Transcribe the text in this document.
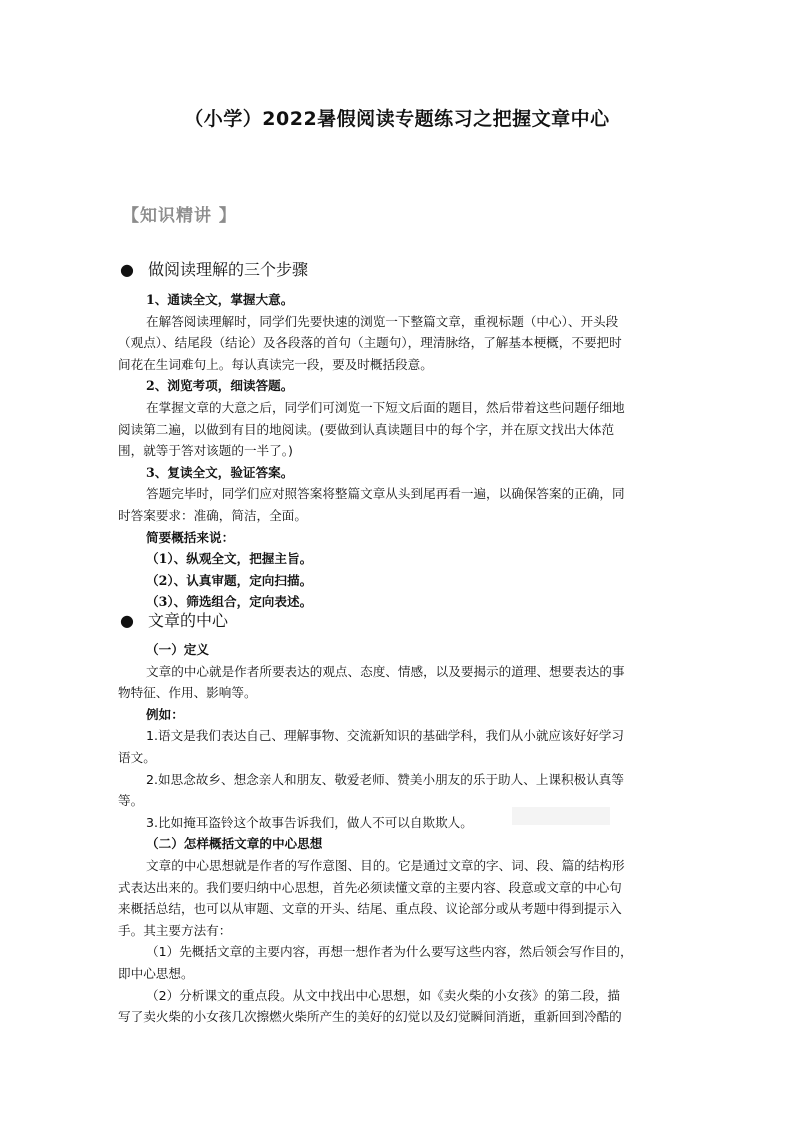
（小学）2022暑假阅读专题练习之把握文章中心
【知识精讲 】
● 做阅读理解的三个步骤
1、通读全文，掌握大意。
在解答阅读理解时，同学们先要快速的浏览一下整篇文章，重视标题（中心）、开头段
（观点）、结尾段（结论）及各段落的首句（主题句），理清脉络，了解基本梗概，不要把时
间花在生词难句上。每认真读完一段，要及时概括段意。
2、浏览考项，细读答题。
在掌握文章的大意之后，同学们可浏览一下短文后面的题目，然后带着这些问题仔细地
阅读第二遍，以做到有目的地阅读。(要做到认真读题目中的每个字，并在原文找出大体范
围，就等于答对该题的一半了。)
3、复读全文，验证答案。
答题完毕时，同学们应对照答案将整篇文章从头到尾再看一遍，以确保答案的正确，同
时答案要求：准确，简洁，全面。
简要概括来说：
（1）、纵观全文，把握主旨。
（2）、认真审题，定向扫描。
（3）、筛选组合，定向表述。
● 文章的中心
（一）定义
文章的中心就是作者所要表达的观点、态度、情感，以及要揭示的道理、想要表达的事
物特征、作用、影响等。
例如：
1.语文是我们表达自己、理解事物、交流新知识的基础学科，我们从小就应该好好学习
语文。
2.如思念故乡、想念亲人和朋友、敬爱老师、赞美小朋友的乐于助人、上课积极认真等
等。
3.比如掩耳盗铃这个故事告诉我们，做人不可以自欺欺人。
（二）怎样概括文章的中心思想
文章的中心思想就是作者的写作意图、目的。它是通过文章的字、词、段、篇的结构形
式表达出来的。我们要归纳中心思想，首先必须读懂文章的主要内容、段意或文章的中心句
来概括总结，也可以从审题、文章的开头、结尾、重点段、议论部分或从考题中得到提示入
手。其主要方法有：
（1）先概括文章的主要内容，再想一想作者为什么要写这些内容，然后领会写作目的，
即中心思想。
（2）分析课文的重点段。从文中找出中心思想，如《卖火柴的小女孩》的第二段，描
写了卖火柴的小女孩几次擦燃火柴所产生的美好的幻觉以及幻觉瞬间消逝，重新回到冷酷的
